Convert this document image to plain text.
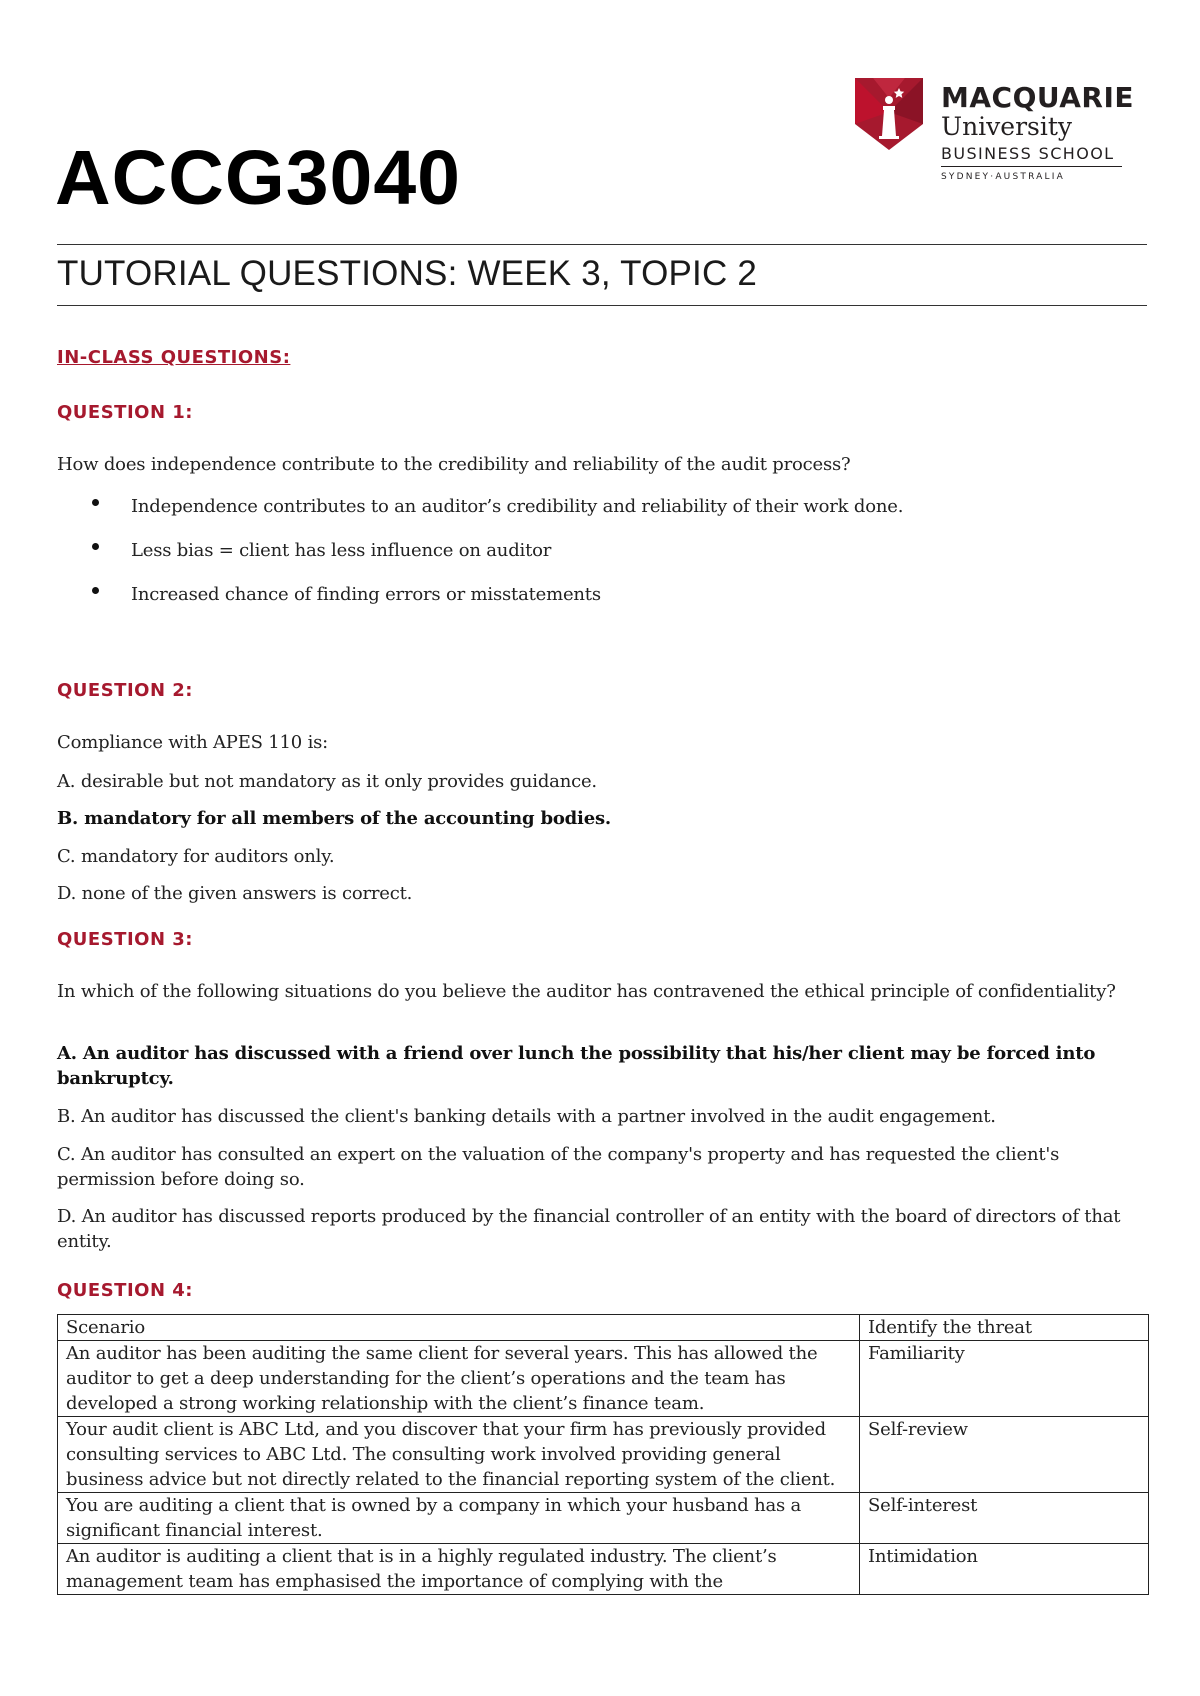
MACQUARIE
University
BUSINESS SCHOOL
SYDNEY·AUSTRALIA
ACCG3040
TUTORIAL QUESTIONS: WEEK 3, TOPIC 2
IN-CLASS QUESTIONS:
QUESTION 1:
How does independence contribute to the credibility and reliability of the audit process?
Independence contributes to an auditor’s credibility and reliability of their work done.
Less bias = client has less influence on auditor
Increased chance of finding errors or misstatements
QUESTION 2:
Compliance with APES 110 is:
A. desirable but not mandatory as it only provides guidance.
B. mandatory for all members of the accounting bodies.
C. mandatory for auditors only.
D. none of the given answers is correct.
QUESTION 3:
In which of the following situations do you believe the auditor has contravened the ethical principle of confidentiality?
A. An auditor has discussed with a friend over lunch the possibility that his/her client may be forced into bankruptcy.
B. An auditor has discussed the client's banking details with a partner involved in the audit engagement.
C. An auditor has consulted an expert on the valuation of the company's property and has requested the client's permission before doing so.
D. An auditor has discussed reports produced by the financial controller of an entity with the board of directors of that entity.
QUESTION 4:
Scenario	Identify the threat
An auditor has been auditing the same client for several years. This has allowed the auditor to get a deep understanding for the client’s operations and the team has developed a strong working relationship with the client’s finance team.	Familiarity
Your audit client is ABC Ltd, and you discover that your firm has previously provided consulting services to ABC Ltd. The consulting work involved providing general business advice but not directly related to the financial reporting system of the client.	Self-review
You are auditing a client that is owned by a company in which your husband has a significant financial interest.	Self-interest
An auditor is auditing a client that is in a highly regulated industry. The client’s management team has emphasised the importance of complying with the	Intimidation
